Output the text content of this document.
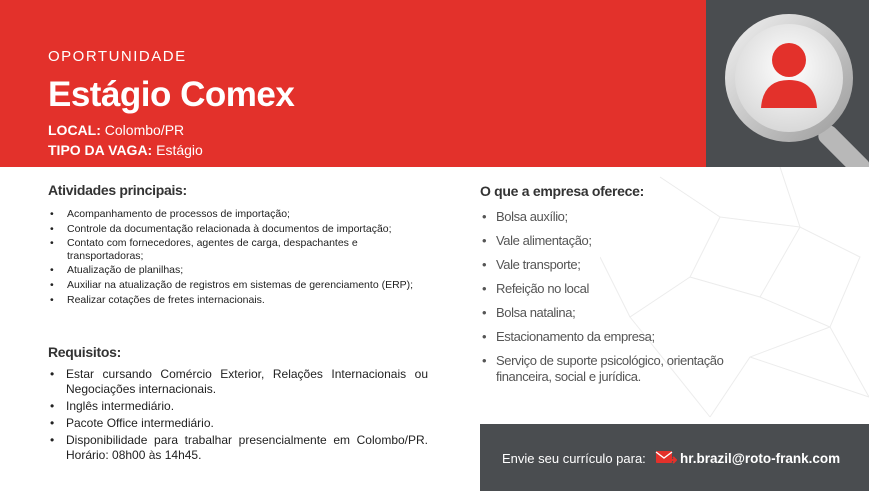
OPORTUNIDADE
Estágio Comex
LOCAL: Colombo/PR
TIPO DA VAGA: Estágio
Atividades principais:
• Acompanhamento de processos de importação;
• Controle da documentação relacionada à documentos de importação;
• Contato com fornecedores, agentes de carga, despachantes e transportadoras;
• Atualização de planilhas;
• Auxiliar na atualização de registros em sistemas de gerenciamento (ERP);
• Realizar cotações de fretes internacionais.
Requisitos:
• Estar cursando Comércio Exterior, Relações Internacionais ou Negociações internacionais.
• Inglês intermediário.
• Pacote Office intermediário.
• Disponibilidade para trabalhar presencialmente em Colombo/PR. Horário: 08h00 às 14h45.
O que a empresa oferece:
• Bolsa auxílio;
• Vale alimentação;
• Vale transporte;
• Refeição no local
• Bolsa natalina;
• Estacionamento da empresa;
• Serviço de suporte psicológico, orientação financeira, social e jurídica.
Envie seu currículo para:	hr.brazil@roto-frank.com
